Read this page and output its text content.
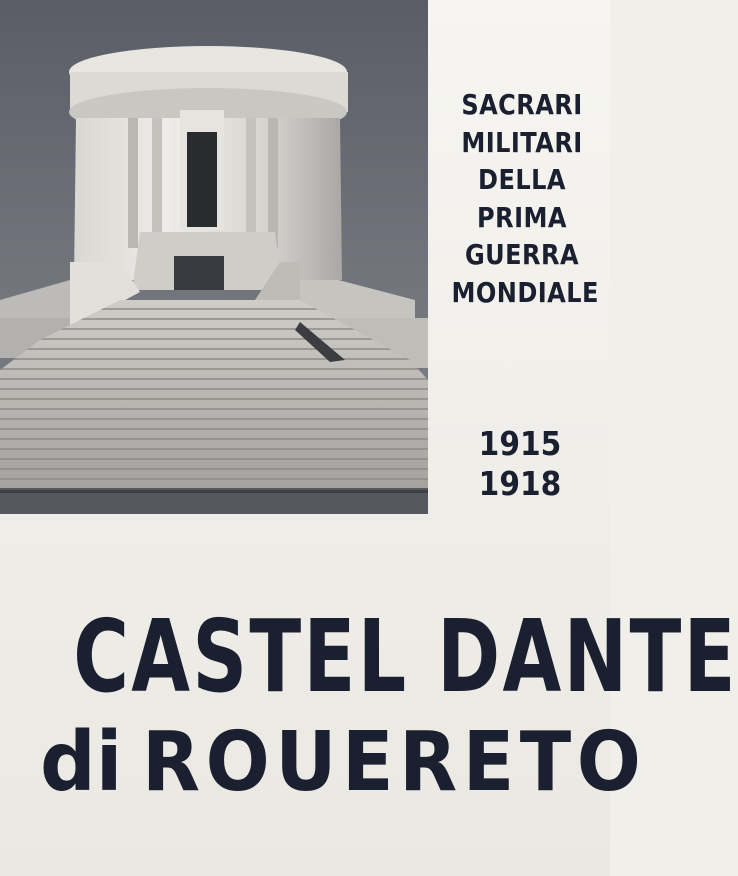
SACRARI
MILITARI
DELLA
PRIMA
GUERRA
MONDIALE
1915
1918
CASTEL DANTE
di ROUERETO
